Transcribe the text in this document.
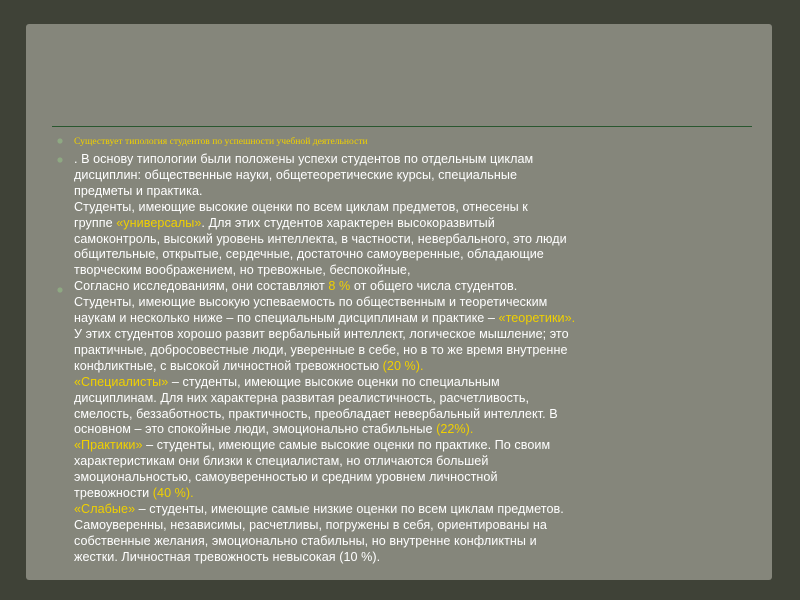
Существует типология студентов по успешности учебной деятельности
. В основу типологии были положены успехи студентов по отдельным циклам
дисциплин: общественные науки, общетеоретические курсы, специальные
предметы и практика.
Студенты, имеющие высокие оценки по всем циклам предметов, отнесены к
группе «универсалы». Для этих студентов характерен высокоразвитый
самоконтроль, высокий уровень интеллекта, в частности, невербального, это люди
общительные, открытые, сердечные, достаточно самоуверенные, обладающие
творческим воображением, но тревожные, беспокойные,
Согласно исследованиям, они составляют 8 % от общего числа студентов.
Студенты, имеющие высокую успеваемость по общественным и теоретическим
наукам и несколько ниже – по специальным дисциплинам и практике – «теоретики».
У этих студентов хорошо развит вербальный интеллект, логическое мышление; это
практичные, добросовестные люди, уверенные в себе, но в то же время внутренне
конфликтные, с высокой личностной тревожностью (20 %).
«Специалисты» – студенты, имеющие высокие оценки по специальным
дисциплинам. Для них характерна развитая реалистичность, расчетливость,
смелость, беззаботность, практичность, преобладает невербальный интеллект. В
основном – это спокойные люди, эмоционально стабильные (22%).
«Практики» – студенты, имеющие самые высокие оценки по практике. По своим
характеристикам они близки к специалистам, но отличаются большей
эмоциональностью, самоуверенностью и средним уровнем личностной
тревожности (40 %).
«Слабые» – студенты, имеющие самые низкие оценки по всем циклам предметов.
Самоуверенны, независимы, расчетливы, погружены в себя, ориентированы на
собственные желания, эмоционально стабильны, но внутренне конфликтны и
жестки. Личностная тревожность невысокая (10 %).
